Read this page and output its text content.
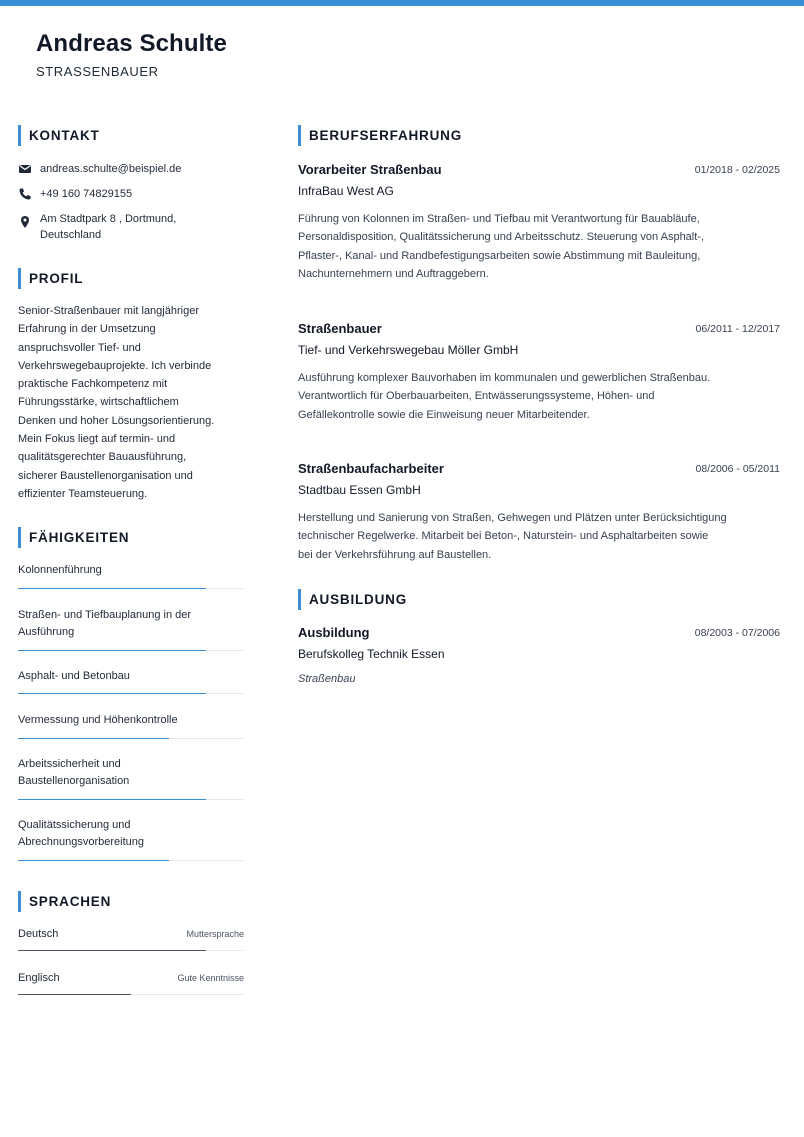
Andreas Schulte
STRASSENBAUER
KONTAKT
andreas.schulte@beispiel.de
+49 160 74829155
Am Stadtpark 8 , Dortmund,
Deutschland
PROFIL
Senior-Straßenbauer mit langjähriger
Erfahrung in der Umsetzung
anspruchsvoller Tief- und
Verkehrswegebauprojekte. Ich verbinde
praktische Fachkompetenz mit
Führungsstärke, wirtschaftlichem
Denken und hoher Lösungsorientierung.
Mein Fokus liegt auf termin- und
qualitätsgerechter Bauausführung,
sicherer Baustellenorganisation und
effizienter Teamsteuerung.
FÄHIGKEITEN
Kolonnenführung
Straßen- und Tiefbauplanung in der
Ausführung
Asphalt- und Betonbau
Vermessung und Höhenkontrolle
Arbeitssicherheit und
Baustellenorganisation
Qualitätssicherung und
Abrechnungsvorbereitung
SPRACHEN
Deutsch	Muttersprache
Englisch	Gute Kenntnisse
BERUFSERFAHRUNG
Vorarbeiter Straßenbau	01/2018 - 02/2025
InfraBau West AG
Führung von Kolonnen im Straßen- und Tiefbau mit Verantwortung für Bauabläufe,
Personaldisposition, Qualitätssicherung und Arbeitsschutz. Steuerung von Asphalt-,
Pflaster-, Kanal- und Randbefestigungsarbeiten sowie Abstimmung mit Bauleitung,
Nachunternehmern und Auftraggebern.
Straßenbauer	06/2011 - 12/2017
Tief- und Verkehrswegebau Möller GmbH
Ausführung komplexer Bauvorhaben im kommunalen und gewerblichen Straßenbau.
Verantwortlich für Oberbauarbeiten, Entwässerungssysteme, Höhen- und
Gefällekontrolle sowie die Einweisung neuer Mitarbeitender.
Straßenbaufacharbeiter	08/2006 - 05/2011
Stadtbau Essen GmbH
Herstellung und Sanierung von Straßen, Gehwegen und Plätzen unter Berücksichtigung
technischer Regelwerke. Mitarbeit bei Beton-, Naturstein- und Asphaltarbeiten sowie
bei der Verkehrsführung auf Baustellen.
AUSBILDUNG
Ausbildung	08/2003 - 07/2006
Berufskolleg Technik Essen
Straßenbau
